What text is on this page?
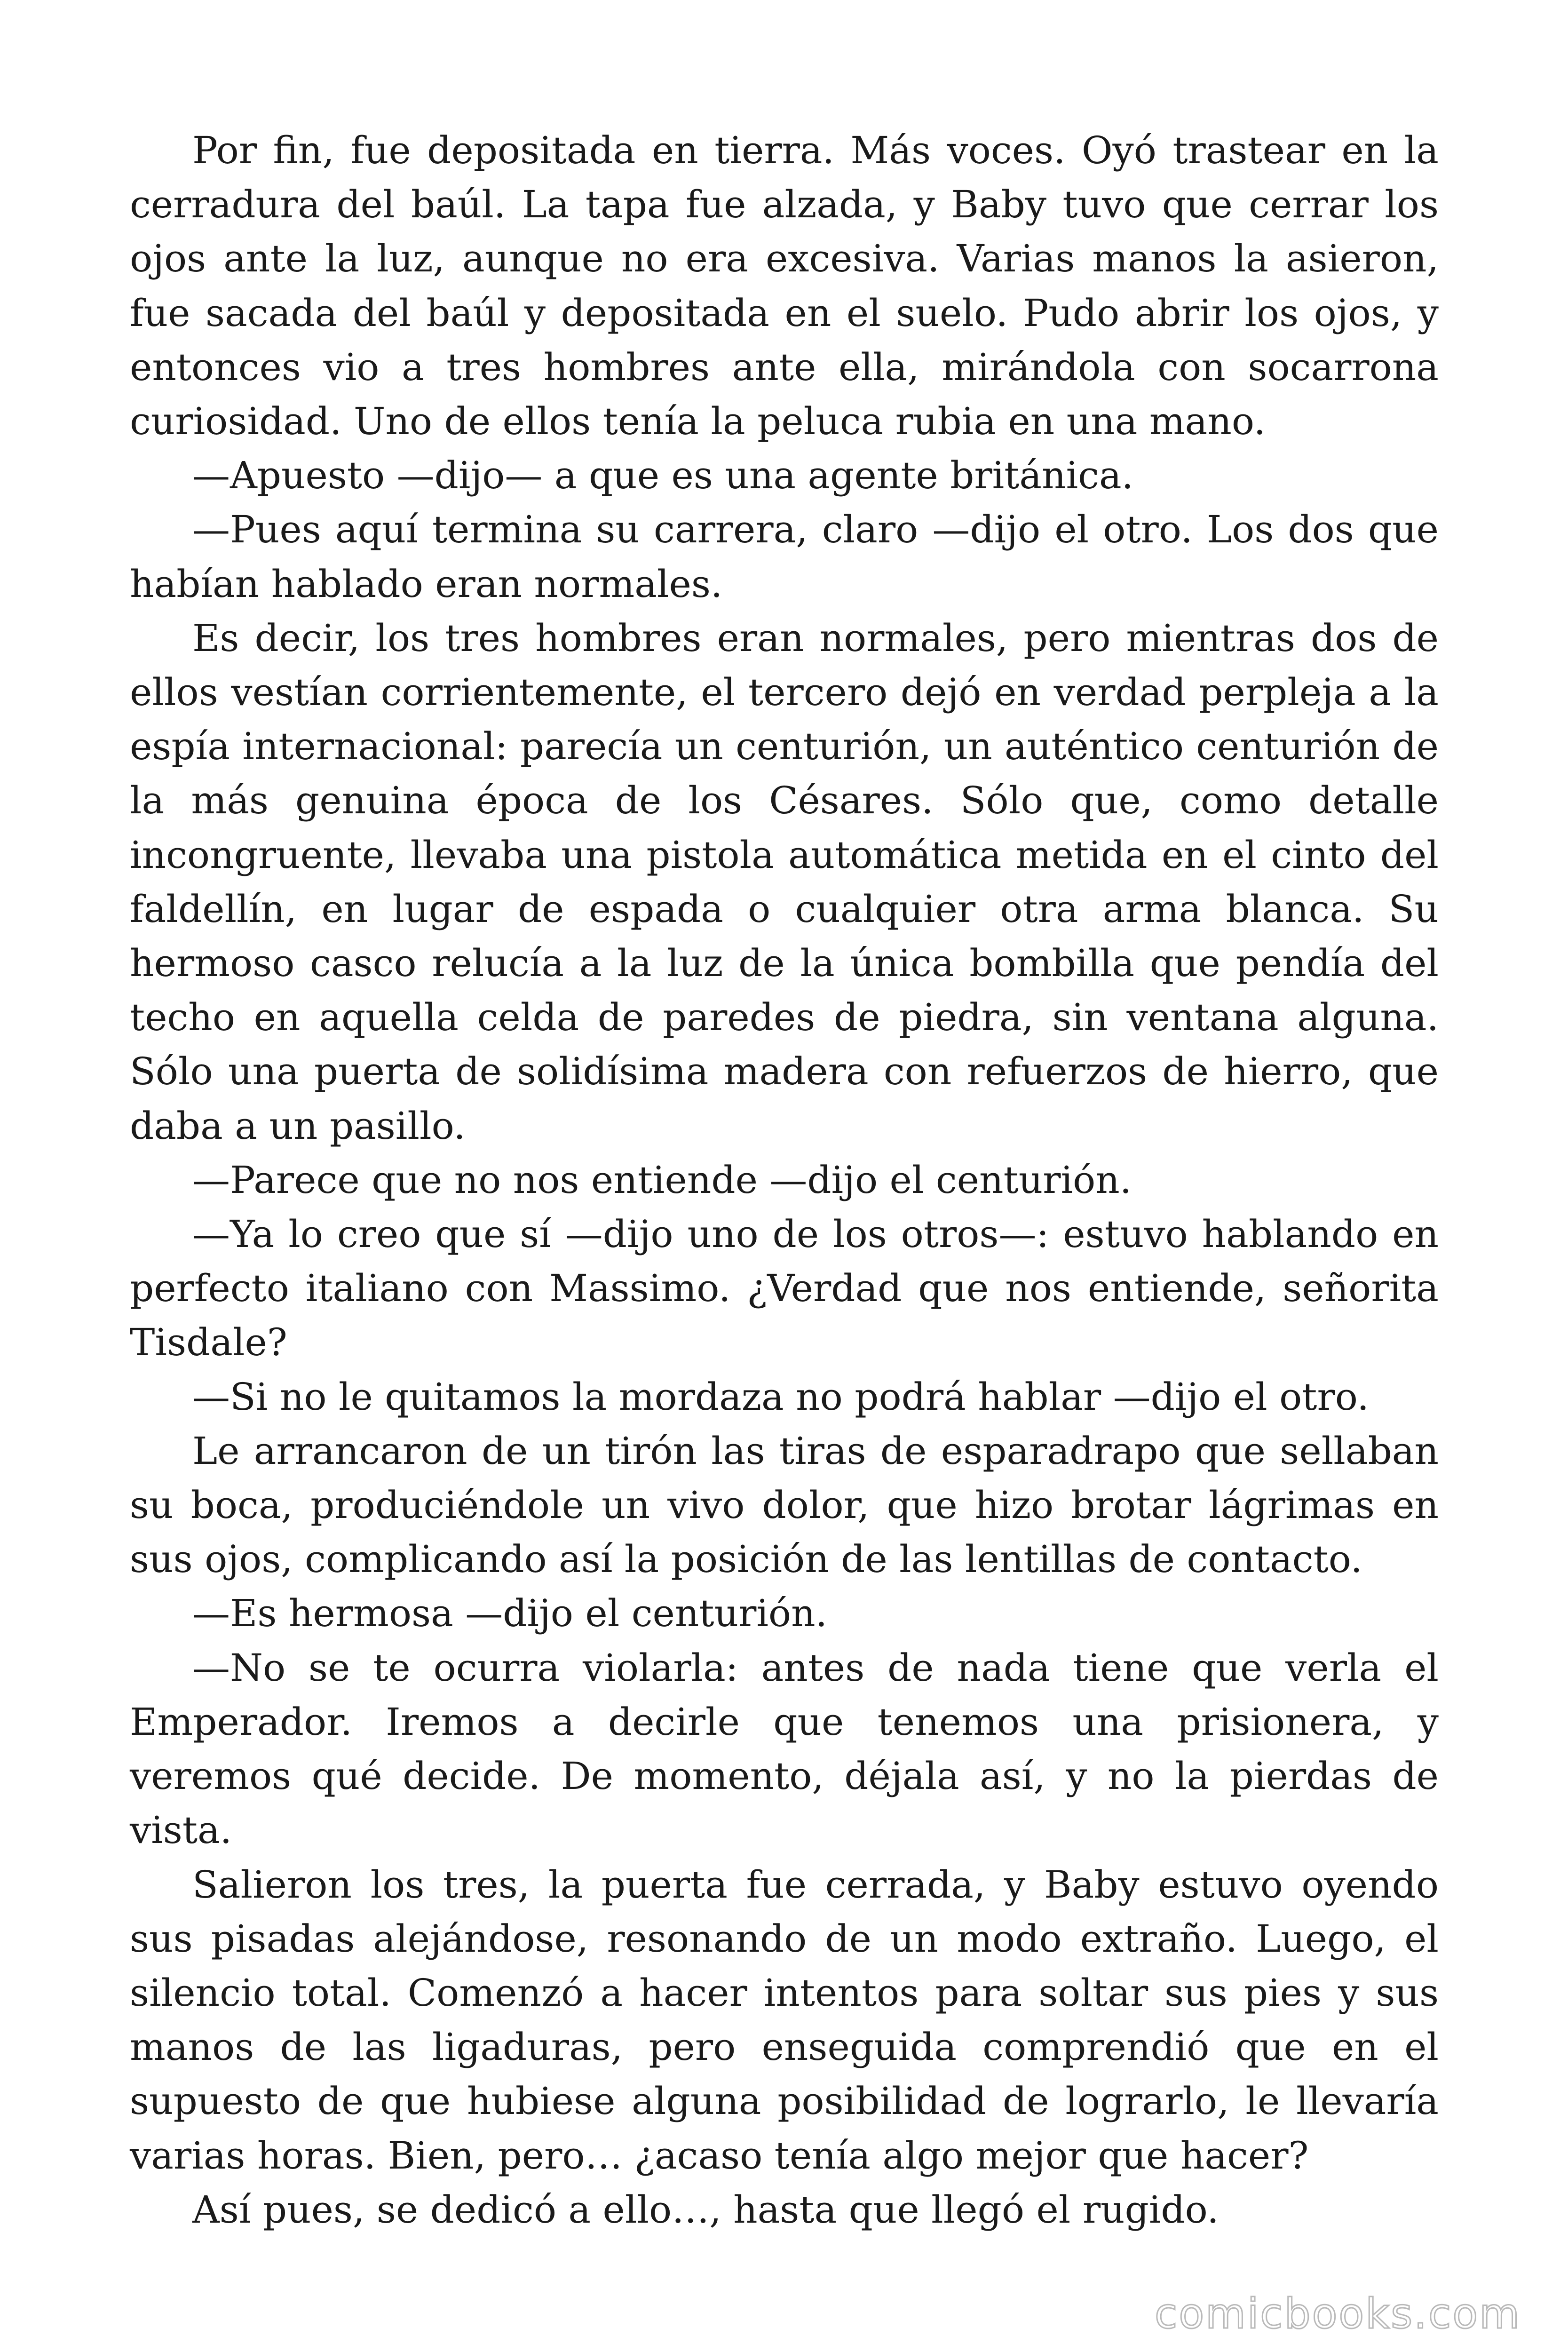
Por fin, fue depositada en tierra. Más voces. Oyó trastear en la cerradura del baúl. La tapa fue alzada, y Baby tuvo que cerrar los ojos ante la luz, aunque no era excesiva. Varias manos la asieron, fue sacada del baúl y depositada en el suelo. Pudo abrir los ojos, y entonces vio a tres hombres ante ella, mirándola con socarrona curiosidad. Uno de ellos tenía la peluca rubia en una mano.

—Apuesto —dijo— a que es una agente británica.

—Pues aquí termina su carrera, claro —dijo el otro. Los dos que habían hablado eran normales.

Es decir, los tres hombres eran normales, pero mientras dos de ellos vestían corrientemente, el tercero dejó en verdad perpleja a la espía internacional: parecía un centurión, un auténtico centurión de la más genuina época de los Césares. Sólo que, como detalle incongruente, llevaba una pistola automática metida en el cinto del faldellín, en lugar de espada o cualquier otra arma blanca. Su hermoso casco relucía a la luz de la única bombilla que pendía del techo en aquella celda de paredes de piedra, sin ventana alguna. Sólo una puerta de solidísima madera con refuerzos de hierro, que daba a un pasillo.

—Parece que no nos entiende —dijo el centurión.

—Ya lo creo que sí —dijo uno de los otros—: estuvo hablando en perfecto italiano con Massimo. ¿Verdad que nos entiende, señorita Tisdale?

—Si no le quitamos la mordaza no podrá hablar —dijo el otro.

Le arrancaron de un tirón las tiras de esparadrapo que sellaban su boca, produciéndole un vivo dolor, que hizo brotar lágrimas en sus ojos, complicando así la posición de las lentillas de contacto.

—Es hermosa —dijo el centurión.

—No se te ocurra violarla: antes de nada tiene que verla el Emperador. Iremos a decirle que tenemos una prisionera, y veremos qué decide. De momento, déjala así, y no la pierdas de vista.

Salieron los tres, la puerta fue cerrada, y Baby estuvo oyendo sus pisadas alejándose, resonando de un modo extraño. Luego, el silencio total. Comenzó a hacer intentos para soltar sus pies y sus manos de las ligaduras, pero enseguida comprendió que en el supuesto de que hubiese alguna posibilidad de lograrlo, le llevaría varias horas. Bien, pero… ¿acaso tenía algo mejor que hacer?

Así pues, se dedicó a ello…, hasta que llegó el rugido.

comicbooks.com
